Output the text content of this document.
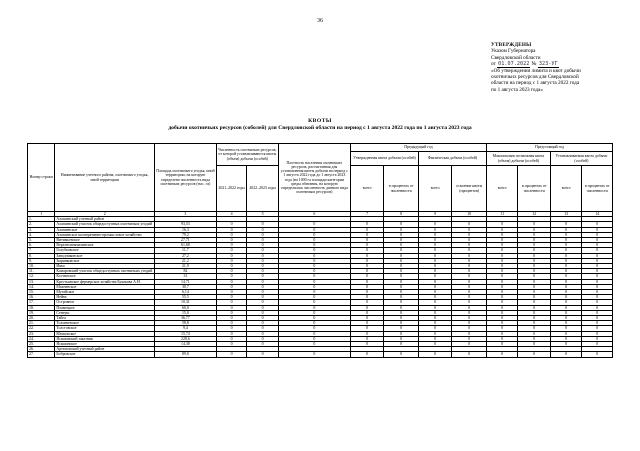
36
УТВЕРЖДЕНЫ
Указом Губернатора
Свердловской области
от 01.07.2022 № 323-УГ
«Об утверждении лимита и квот добычи
охотничьих ресурсов для Свердловской
области на период с 1 августа 2022 года
по 1 августа 2023 года»
КВОТЫ
добычи охотничьих ресурсов (соболей) для Свердловской области на период с 1 августа 2022 года по 1 августа 2023 года
Номер строки	Наименование учетного района, охотничьего угодья, иной территории	Площадь охотничьего угодья, иной территории, на которую определена численность вида охотничьих ресурсов (тыс. га)	Численность охотничьих ресурсов, от которой устанавливаются квоты (объем) добычи (особей)		Плотность населения охотничьих ресурсов, рассчитанная для установления квоты добычи на период с 1 августа 2022 года до 1 августа 2023 года (на 1000 га площади категории среды обитания, на которую определялась численность данного вида охотничьих ресурсов)	Предыдущий год				Предстоящий год			
						Утвержденная квота добычи (особей)		Фактическая добыча (особей)		Максимально возможная квота (объем) добычи (особей)		Устанавливаемая квота добычи (особей)	
			2021–2022 годы	2022–2023 годы		всего	в процентах от численности	всего	освоение квоты (процентов)	всего	в процентах от численности	всего	в процентах от численности
1	2	3	4	5	6	7	8	9	10	11	12	13	14
1.	Алапаевский учетный район												
2.	Алапаевский участок общедоступных охотничьих угодий	93,53	0	0	0	0	0	0	0	0	0	0	0
3.	Алапаевское	16,3	0	0	0	0	0	0	0	0	0	0	0
4.	Алапаевское кооперативно-промысловое хозяйство	79,2	0	0	0	0	0	0	0	0	0	0	0
5.	Витимьевское	27,71	0	0	0	0	0	0	0	0	0	0	0
6.	Верхнесинячихинское	61,68	0	0	0	0	0	0	0	0	0	0	0
7.	Голубковское	11,7	0	0	0	0	0	0	0	0	0	0	0
8.	Заводчиковское	27,2	0	0	0	0	0	0	0	0	0	0	0
9.	Зырянковское	21,2	0	0	0	0	0	0	0	0	0	0	0
10.	Ияка	21,9	0	0	0	0	0	0	0	0	0	0	0
11.	Комаровский участок общедоступных охотничьих угодий	82	0	0	0	0	0	0	0	0	0	0	0
12.	Костинское	31	0	0	0	0	0	0	0	0	0	0	0
13.	Крестьянское фермерское хозяйства Букакова А.Н.	14,71	0	0	0	0	0	0	0	0	0	0	0
14.	Махневское	30,7	0	0	0	0	0	0	0	0	0	0	0
15.	Мугайское	6,14	0	0	0	0	0	0	0	0	0	0	0
16.	Нейва	55,5	0	0	0	0	0	0	0	0	0	0	0
17.	Островное	10,31	0	0	0	0	0	0	0	0	0	0	0
18.	Пламецкое	60,0	0	0	0	0	0	0	0	0	0	0	0
19.	Сенеуш	15,0	0	0	0	0	0	0	0	0	0	0	0
20.	Тайга	36,77	0	0	0	0	0	0	0	0	0	0	0
21.	Толмачевское	58,8	0	0	0	0	0	0	0	0	0	0	0
22.	Толстовское	9,4	0	0	0	0	0	0	0	0	0	0	0
23.	Юшковское	15,74	0	0	0	0	0	0	0	0	0	0	0
24.	Ясашинский заказник	228,6	0	0	0	0	0	0	0	0	0	0	0
25.	Ясашинское	14,38	0	0	0	0	0	0	0	0	0	0	0
26.	Артемовский учетный район												
27.	Бобровское	89,0	0	0	0	0	0	0	0	0	0	0	0
